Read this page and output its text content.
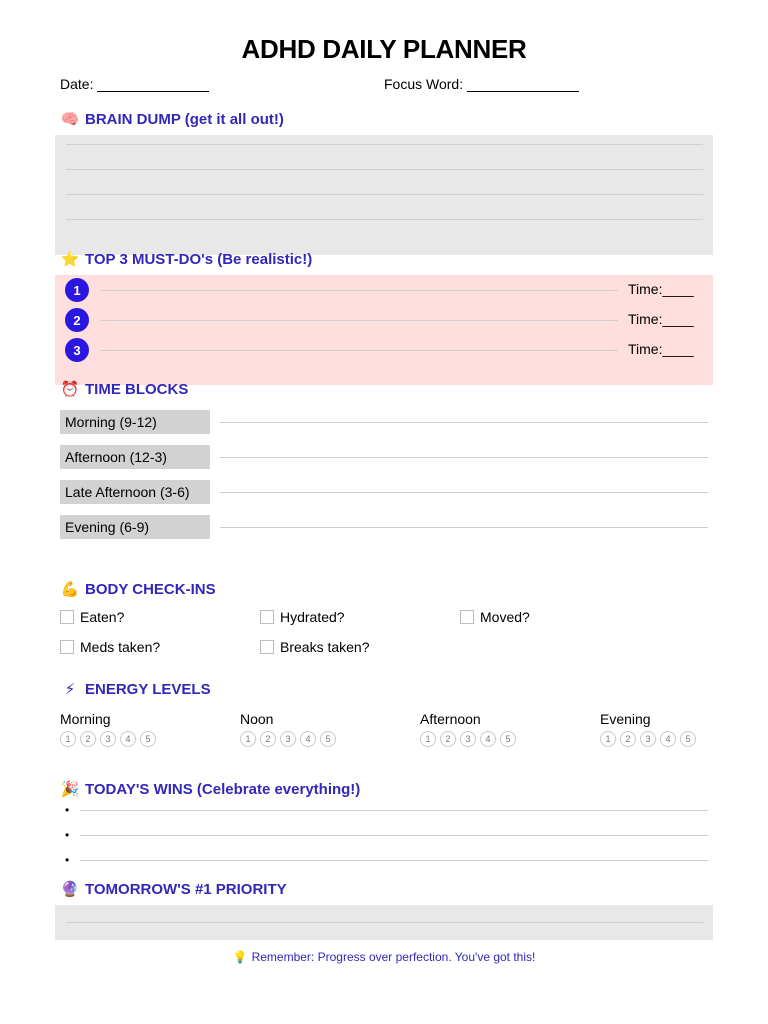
ADHD DAILY PLANNER
Date:	Focus Word:
🧠 BRAIN DUMP (get it all out!)
⭐ TOP 3 MUST-DO's (Be realistic!)
1	Time:____
2	Time:____
3	Time:____
⏰ TIME BLOCKS
Morning (9-12)
Afternoon (12-3)
Late Afternoon (3-6)
Evening (6-9)
💪 BODY CHECK-INS
Eaten?	Hydrated?	Moved?
Meds taken?	Breaks taken?
⚡ ENERGY LEVELS
Morning
1	2	3	4	5
Noon
1	2	3	4	5
Afternoon
1	2	3	4	5
Evening
1	2	3	4	5
🎉 TODAY'S WINS (Celebrate everything!)
•
•
•
🔮 TOMORROW'S #1 PRIORITY
💡 Remember: Progress over perfection. You've got this!
